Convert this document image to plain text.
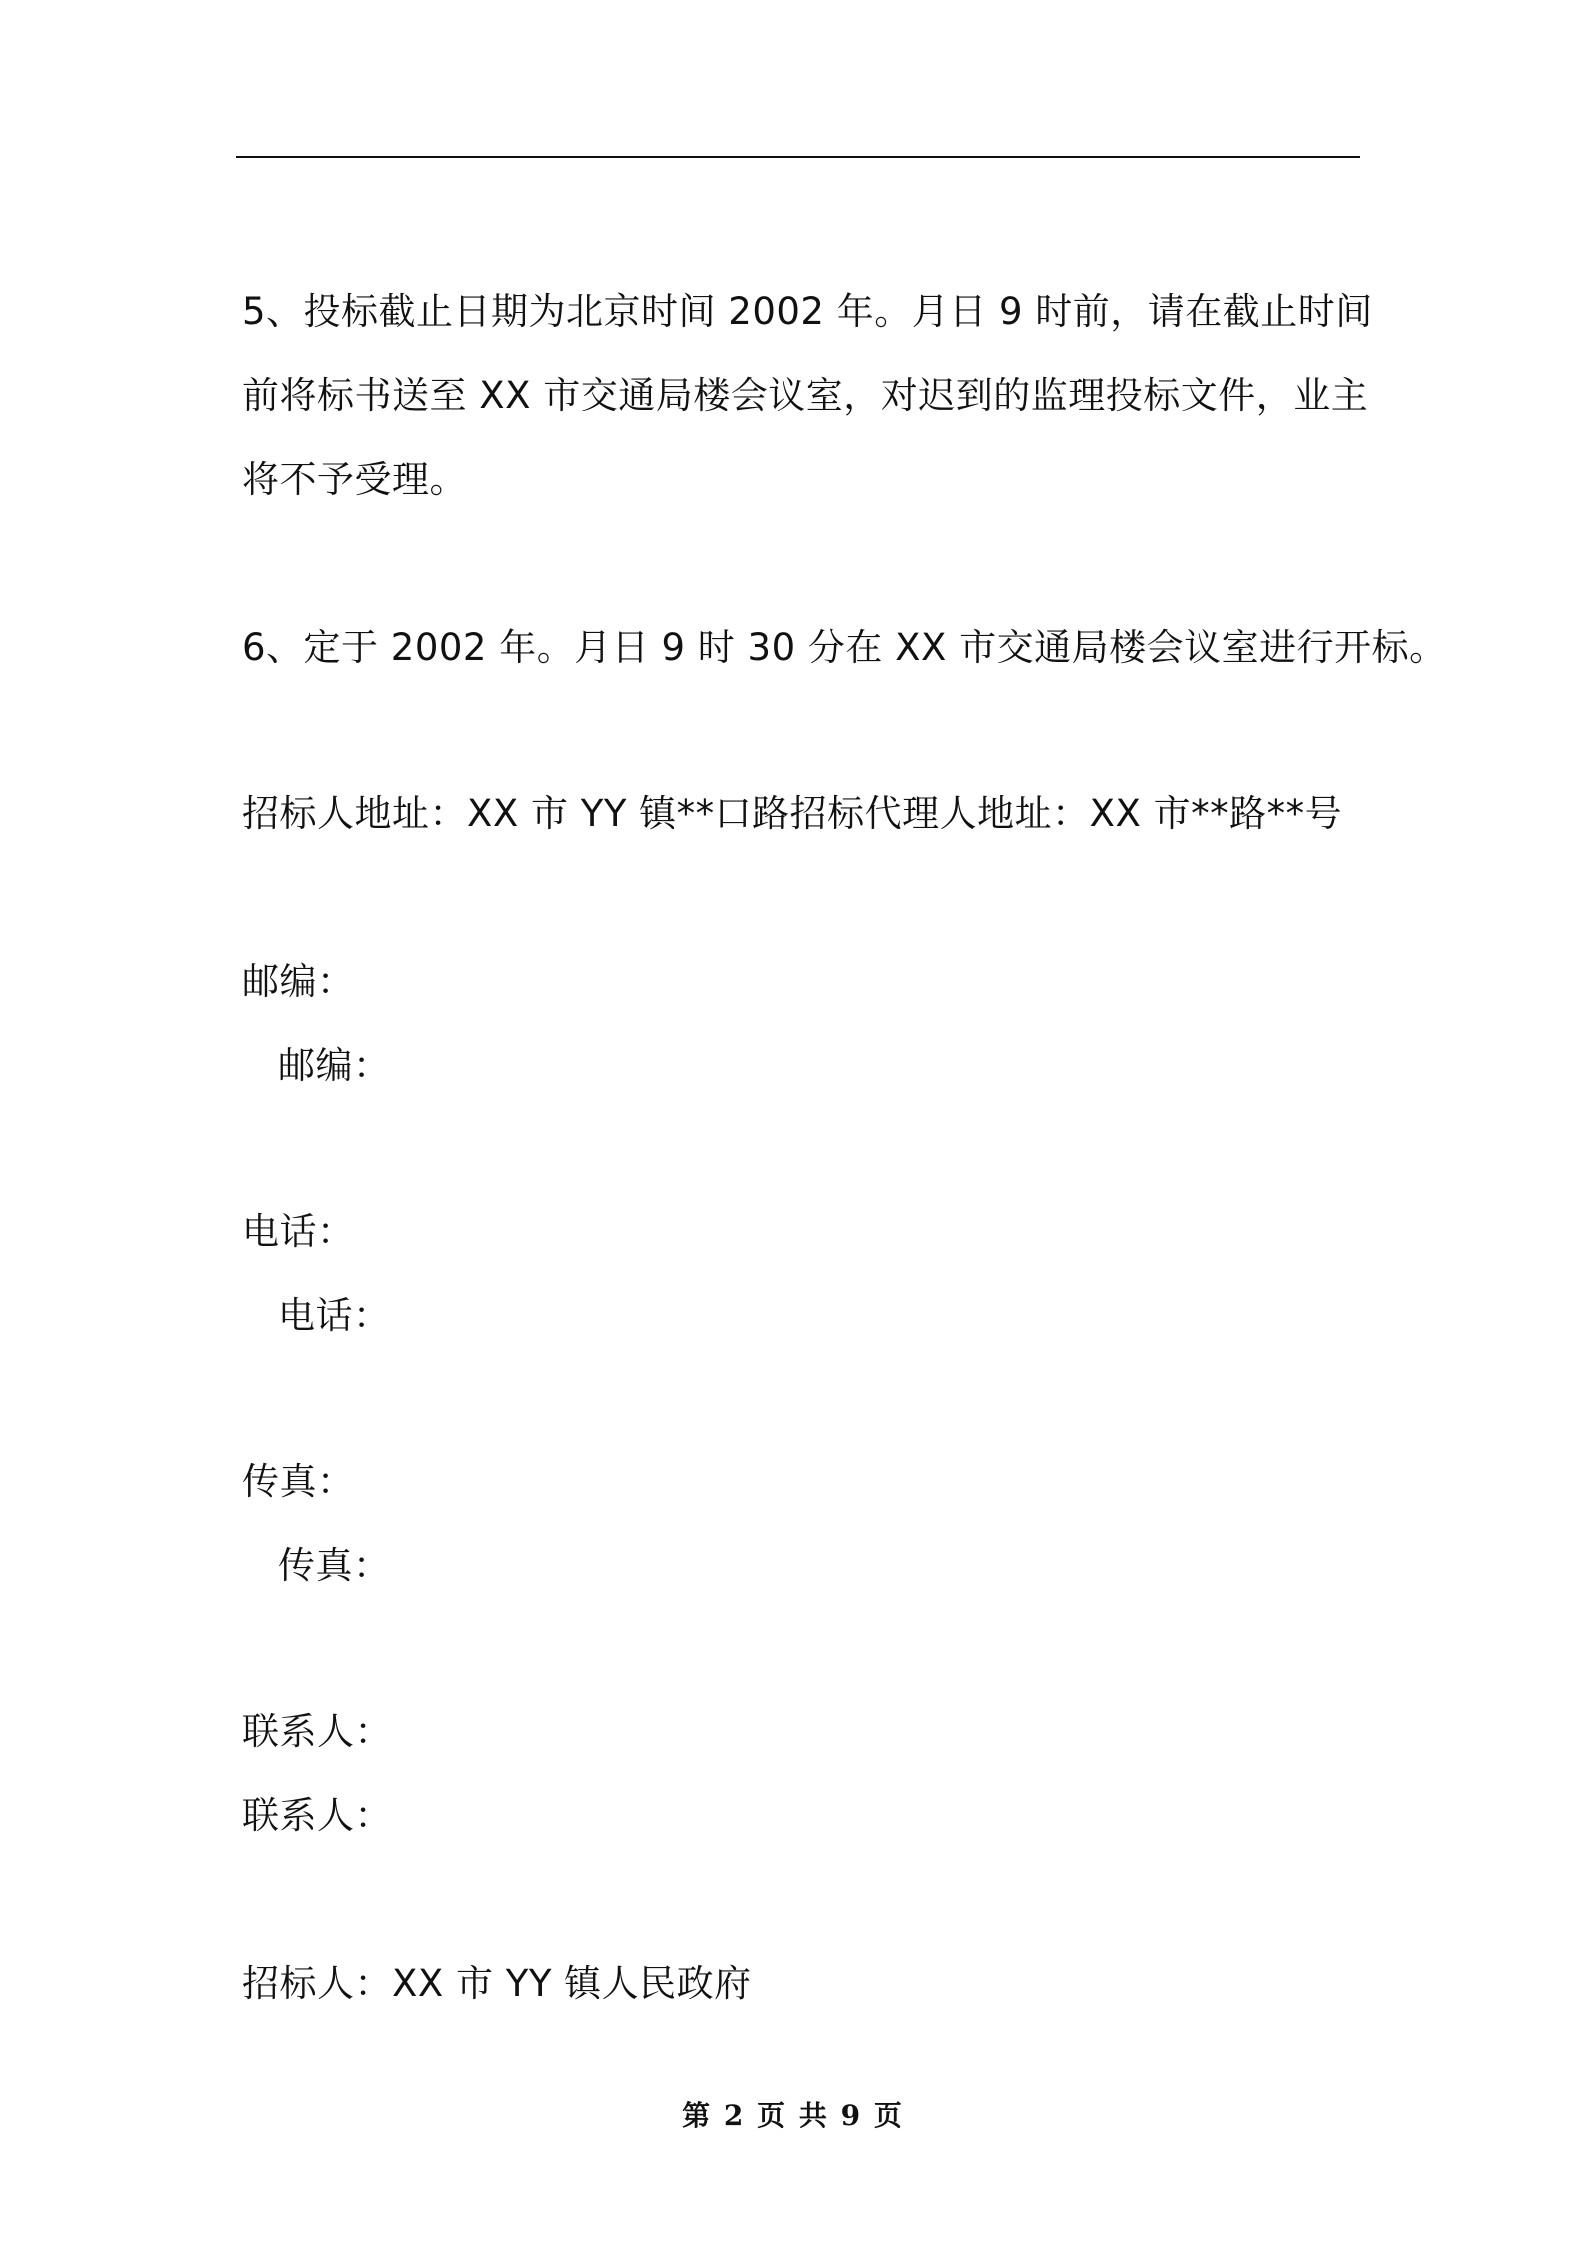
5、投标截止日期为北京时间 2002 年。月日 9 时前，请在截止时间
前将标书送至 XX 市交通局楼会议室，对迟到的监理投标文件，业主
将不予受理。
6、定于 2002 年。月日 9 时 30 分在 XX 市交通局楼会议室进行开标。
招标人地址：XX 市 YY 镇**口路招标代理人地址：XX 市**路**号
邮编：
邮编：
电话：
电话：
传真：
传真：
联系人：
联系人：
招标人：XX 市 YY 镇人民政府
第 2 页 共 9 页
